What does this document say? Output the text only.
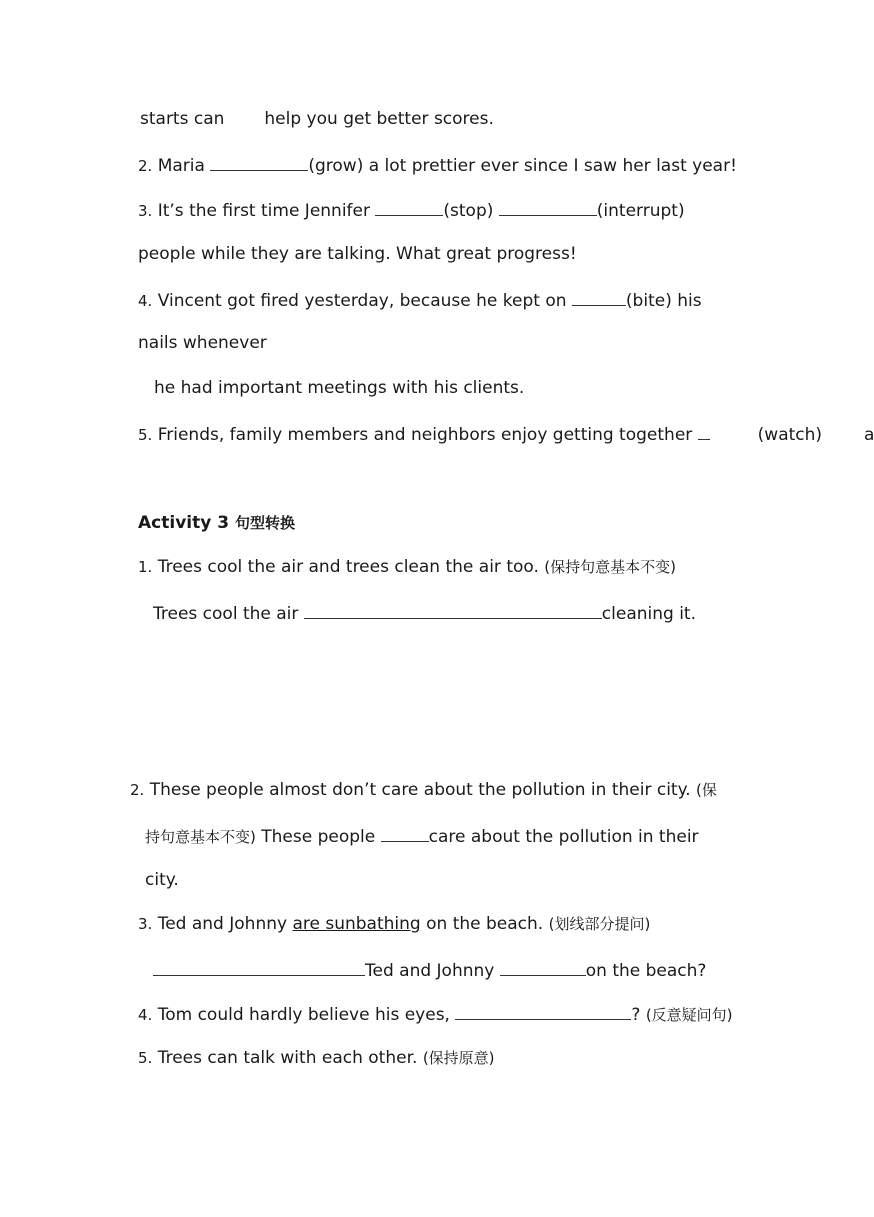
starts can help you get better scores.
2. Maria	(grow) a lot prettier ever since I saw her last year!
3. It’s the first time Jennifer	(stop)	(interrupt)
people while they are talking. What great progress!
4. Vincent got fired yesterday, because he kept on	(bite) his
nails whenever
he had important meetings with his clients.
5. Friends, family members and neighbors enjoy getting together	(watch) a
Activity 3 句型转换
1. Trees cool the air and trees clean the air too. (保持句意基本不变)
Trees cool the air	cleaning it.
2. These people almost don’t care about the pollution in their city. (保
持句意基本不变) These people	care about the pollution in their
city.
3. Ted and Johnny are sunbathing on the beach. (划线部分提问)
Ted and Johnny	on the beach?
4. Tom could hardly believe his eyes,	? (反意疑问句)
5. Trees can talk with each other. (保持原意)
